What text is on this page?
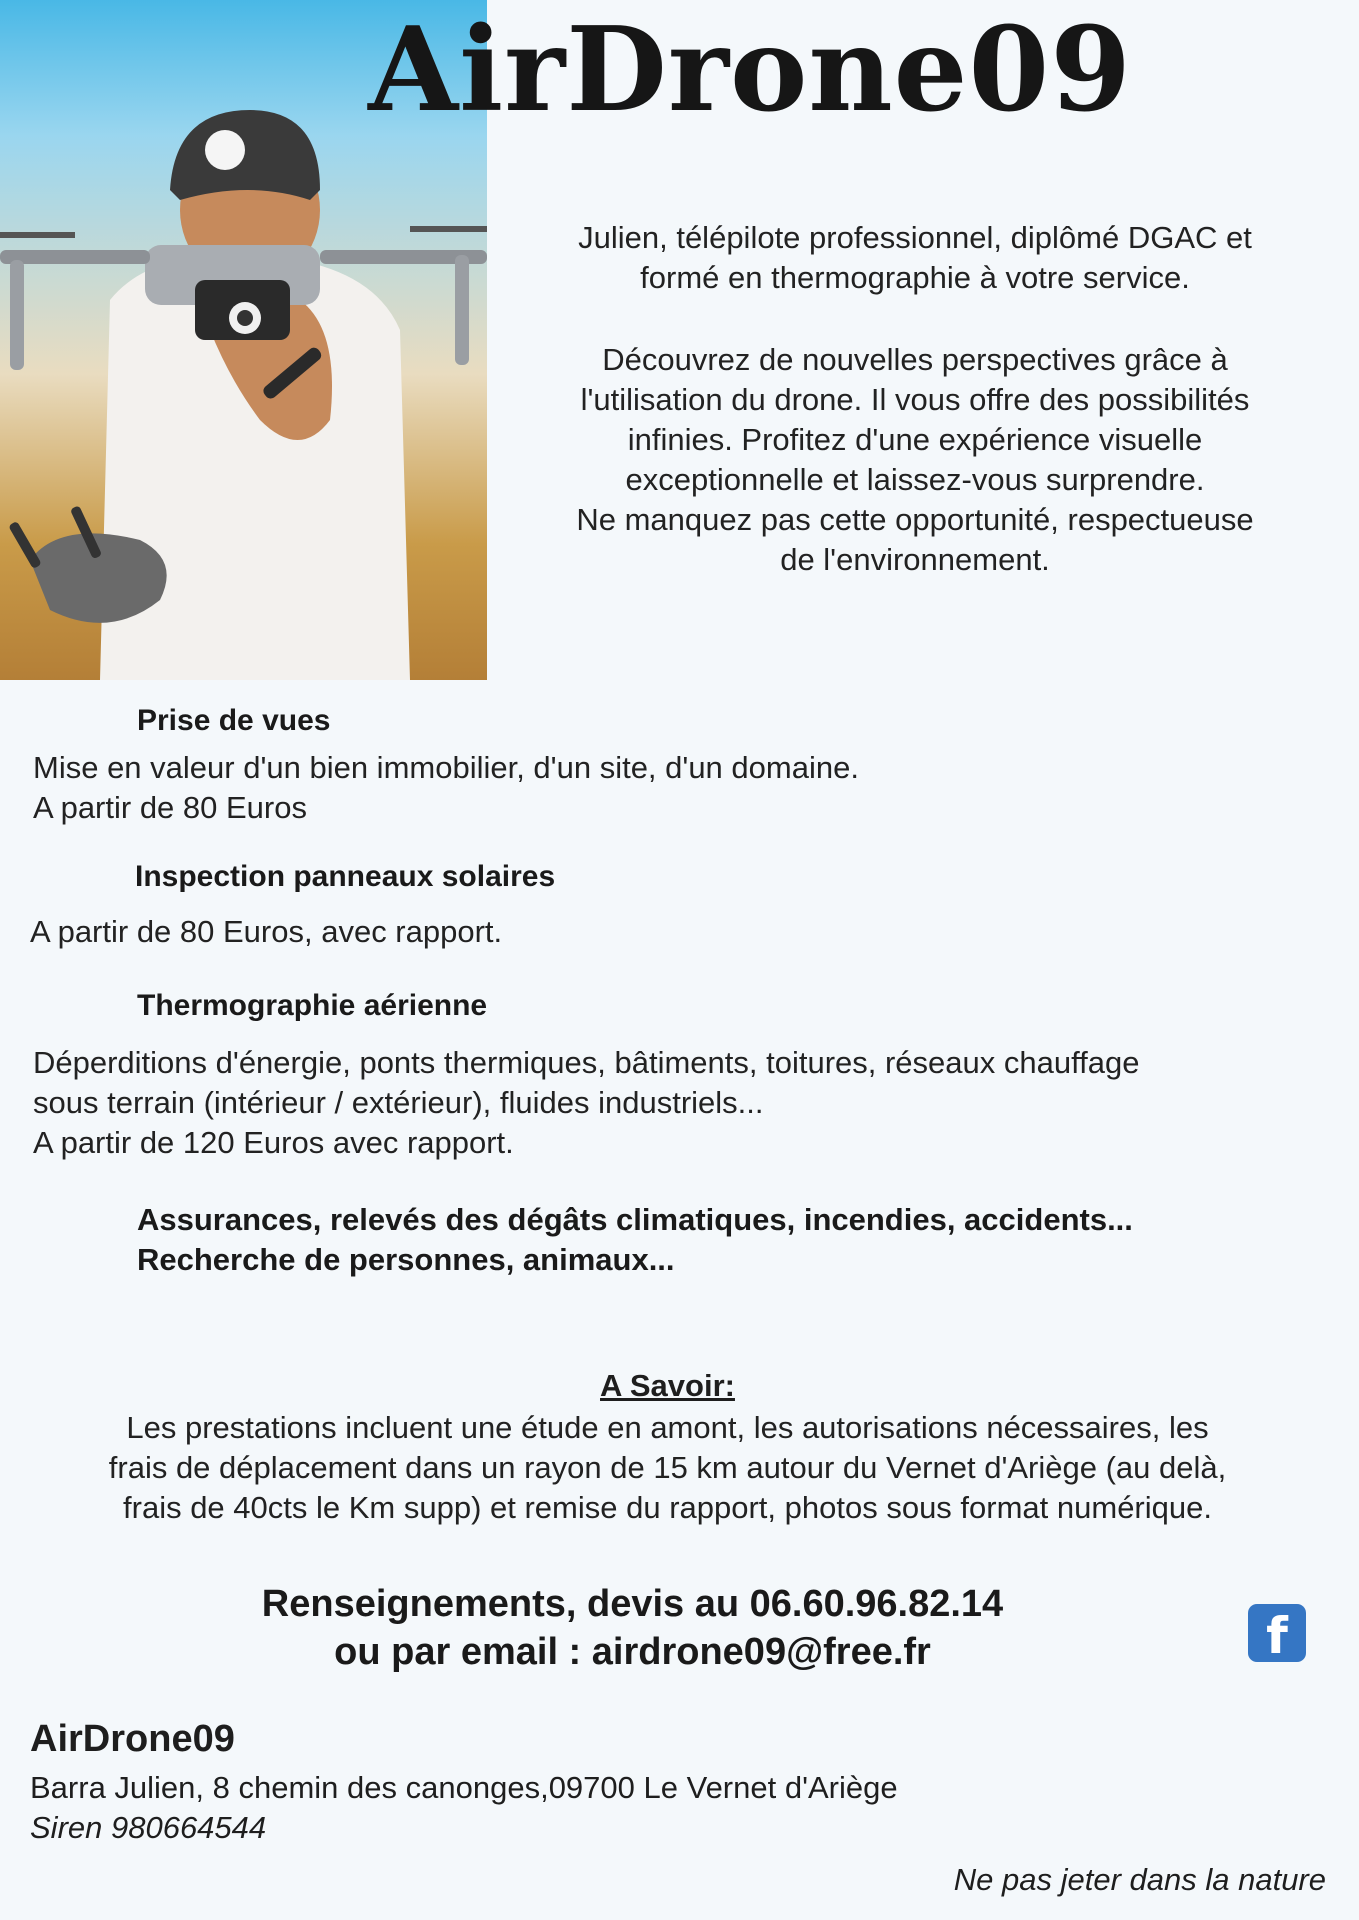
AirDrone09
Julien, télépilote professionnel, diplômé DGAC et
formé en thermographie à votre service.
Découvrez de nouvelles perspectives grâce à
l'utilisation du drone. Il vous offre des possibilités
infinies. Profitez d'une expérience visuelle
exceptionnelle et laissez-vous surprendre.
Ne manquez pas cette opportunité, respectueuse
de l'environnement.
Prise de vues
Mise en valeur d'un bien immobilier, d'un site, d'un domaine.
A partir de 80 Euros
Inspection panneaux solaires
A partir de 80 Euros, avec rapport.
Thermographie aérienne
Déperditions d'énergie, ponts thermiques, bâtiments, toitures, réseaux chauffage
sous terrain (intérieur / extérieur), fluides industriels...
A partir de 120 Euros avec rapport.
Assurances, relevés des dégâts climatiques, incendies, accidents...
Recherche de personnes, animaux...
A Savoir:
Les prestations incluent une étude en amont, les autorisations nécessaires, les
frais de déplacement dans un rayon de 15 km autour du Vernet d'Ariège (au delà,
frais de 40cts le Km supp) et remise du rapport, photos sous format numérique.
Renseignements, devis au 06.60.96.82.14
ou par email : airdrone09@free.fr	f
AirDrone09
Barra Julien, 8 chemin des canonges,09700 Le Vernet d'Ariège
Siren 980664544
Ne pas jeter dans la nature
